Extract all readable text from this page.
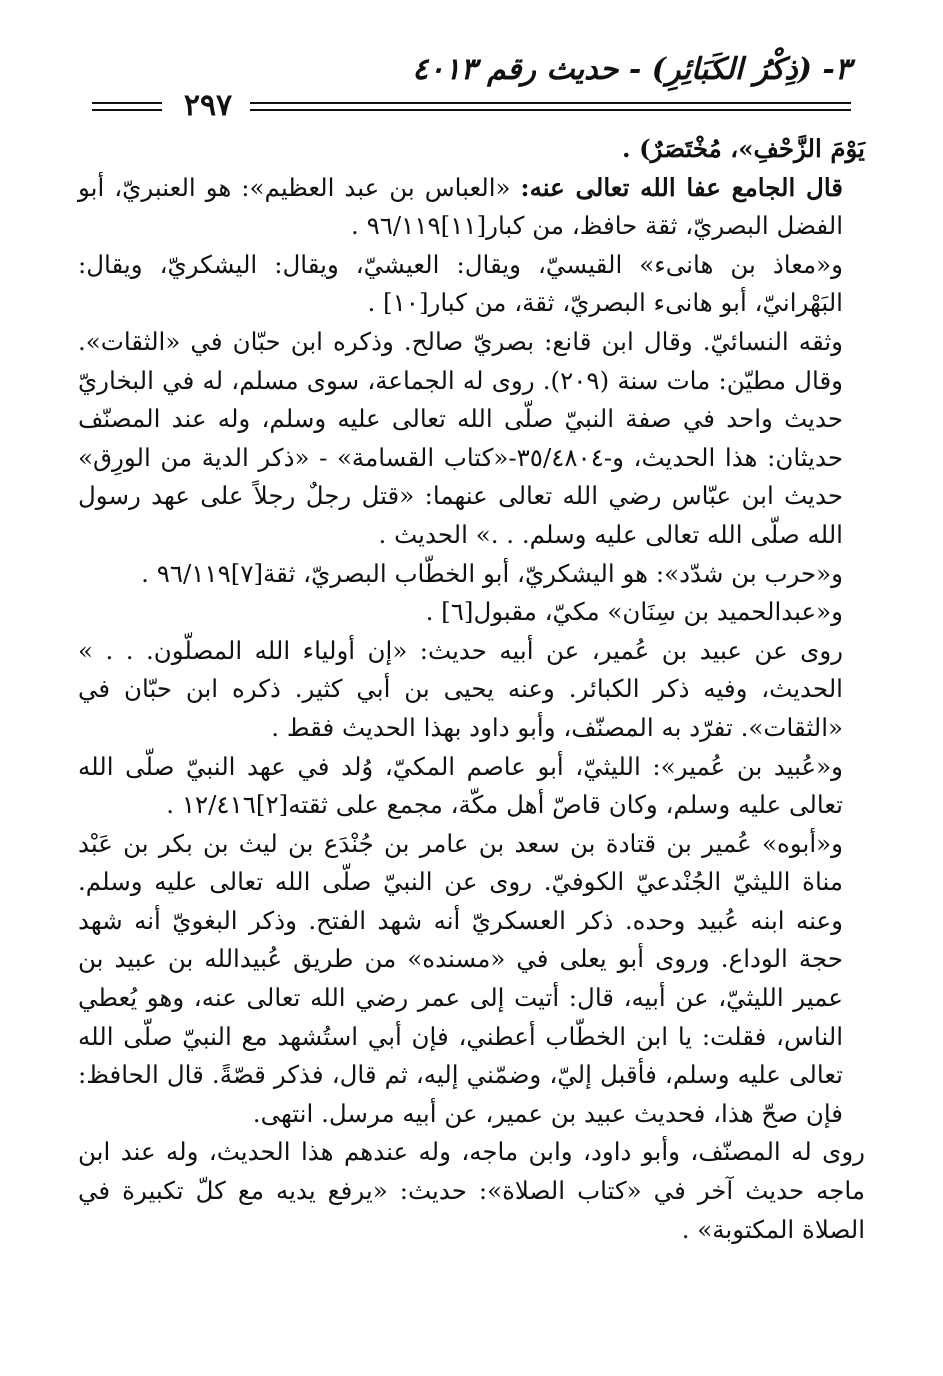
٣- (ذِكْرُ الكَبَائِرِ) - حديث رقم ٤٠١٣
٢٩٧

يَوْمَ الزَّحْفِ»، مُخْتَصَرٌ) .

قال الجامع عفا الله تعالى عنه: «العباس بن عبد العظيم»: هو العنبريّ، أبو الفضل البصريّ، ثقة حافظ، من كبار[١١]٩٦/١١٩ .

و«معاذ بن هانىء» القيسيّ، ويقال: العيشيّ، ويقال: اليشكريّ، ويقال: البَهْرانيّ، أبو هانىء البصريّ، ثقة، من كبار[١٠] .

وثقه النسائيّ. وقال ابن قانع: بصريّ صالح. وذكره ابن حبّان في «الثقات». وقال مطيّن: مات سنة (٢٠٩). روى له الجماعة، سوى مسلم، له في البخاريّ حديث واحد في صفة النبيّ صلّى الله تعالى عليه وسلم، وله عند المصنّف حديثان: هذا الحديث، و-٣٥/٤٨٠٤-«كتاب القسامة» - «ذكر الدية من الورِق» حديث ابن عبّاس رضي الله تعالى عنهما: «قتل رجلٌ رجلاً على عهد رسول الله صلّى الله تعالى عليه وسلم. . .» الحديث .

و«حرب بن شدّد»: هو اليشكريّ، أبو الخطّاب البصريّ، ثقة[٧]٩٦/١١٩ .

و«عبدالحميد بن سِنَان» مكيّ، مقبول[٦] .

روى عن عبيد بن عُمير، عن أبيه حديث: «إن أولياء الله المصلّون. . . » الحديث، وفيه ذكر الكبائر. وعنه يحيى بن أبي كثير. ذكره ابن حبّان في «الثقات». تفرّد به المصنّف، وأبو داود بهذا الحديث فقط .

و«عُبيد بن عُمير»: الليثيّ، أبو عاصم المكيّ، وُلد في عهد النبيّ صلّى الله تعالى عليه وسلم، وكان قاصّ أهل مكّة، مجمع على ثقته[٢]١٢/٤١٦ .

و«أبوه» عُمير بن قتادة بن سعد بن عامر بن جُنْدَع بن ليث بن بكر بن عَبْد مناة الليثيّ الجُنْدعيّ الكوفيّ. روى عن النبيّ صلّى الله تعالى عليه وسلم. وعنه ابنه عُبيد وحده. ذكر العسكريّ أنه شهد الفتح. وذكر البغويّ أنه شهد حجة الوداع. وروى أبو يعلى في «مسنده» من طريق عُبيدالله بن عبيد بن عمير الليثيّ، عن أبيه، قال: أتيت إلى عمر رضي الله تعالى عنه، وهو يُعطي الناس، فقلت: يا ابن الخطّاب أعطني، فإن أبي استُشهد مع النبيّ صلّى الله تعالى عليه وسلم، فأقبل إليّ، وضمّني إليه، ثم قال، فذكر قصّةً. قال الحافظ: فإن صحّ هذا، فحديث عبيد بن عمير، عن أبيه مرسل. انتهى.

روى له المصنّف، وأبو داود، وابن ماجه، وله عندهم هذا الحديث، وله عند ابن ماجه حديث آخر في «كتاب الصلاة»: حديث: «يرفع يديه مع كلّ تكبيرة في الصلاة المكتوبة» .
